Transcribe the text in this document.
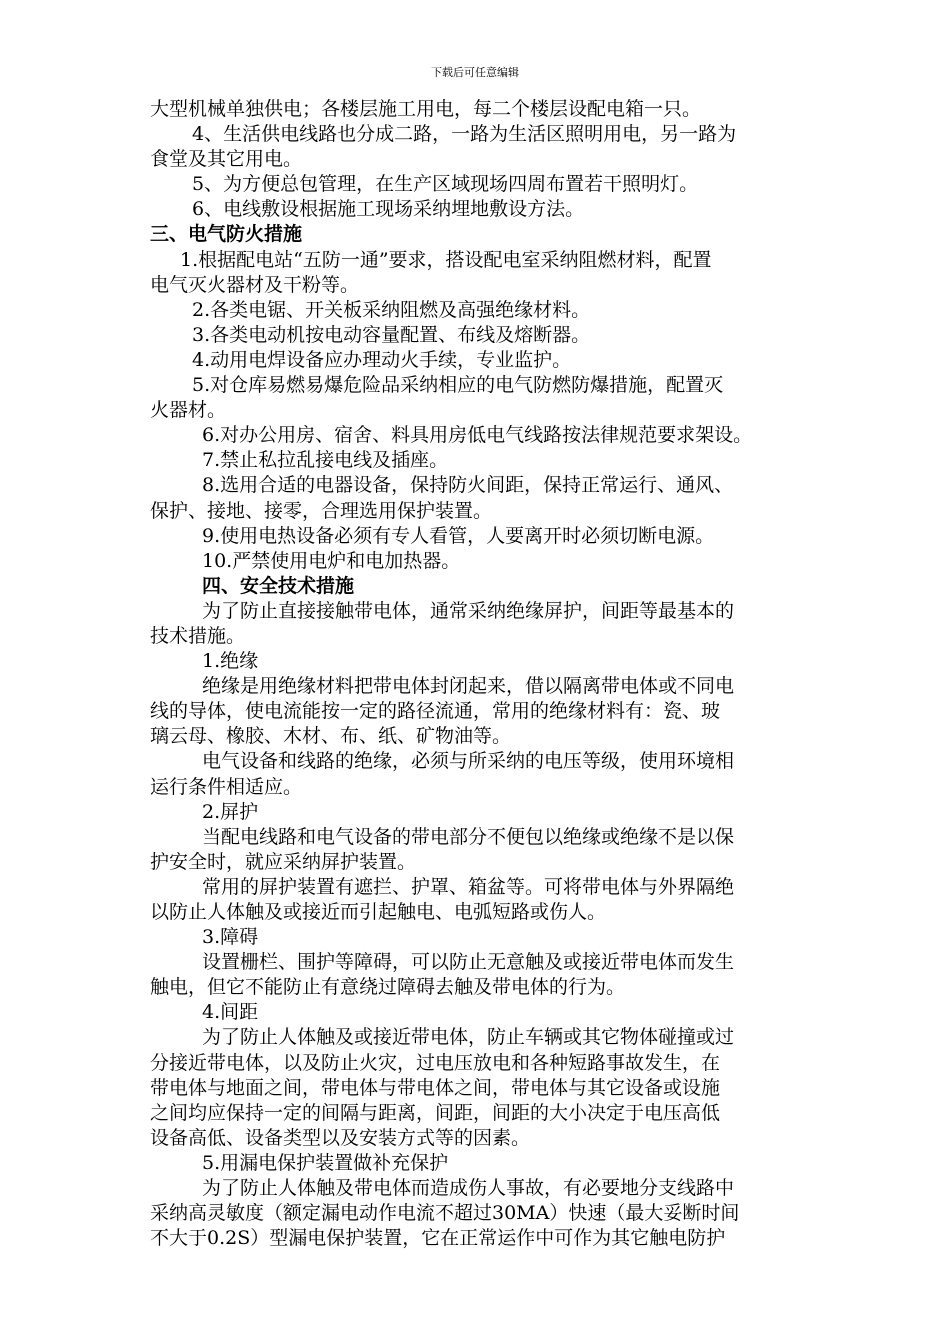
下载后可任意编辑
大型机械单独供电；各楼层施工用电，每二个楼层设配电箱一只。
4、生活供电线路也分成二路，一路为生活区照明用电，另一路为
食堂及其它用电。
5、为方便总包管理，在生产区域现场四周布置若干照明灯。
6、电线敷设根据施工现场采纳埋地敷设方法。
三、电气防火措施
1.根据配电站“五防一通”要求，搭设配电室采纳阻燃材料，配置
电气灭火器材及干粉等。
2.各类电锯、开关板采纳阻燃及高强绝缘材料。
3.各类电动机按电动容量配置、布线及熔断器。
4.动用电焊设备应办理动火手续，专业监护。
5.对仓库易燃易爆危险品采纳相应的电气防燃防爆措施，配置灭
火器材。
6.对办公用房、宿舍、料具用房低电气线路按法律规范要求架设。
7.禁止私拉乱接电线及插座。
8.选用合适的电器设备，保持防火间距，保持正常运行、通风、
保护、接地、接零，合理选用保护装置。
9.使用电热设备必须有专人看管，人要离开时必须切断电源。
10.严禁使用电炉和电加热器。
四、安全技术措施
为了防止直接接触带电体，通常采纳绝缘屏护，间距等最基本的
技术措施。
1.绝缘
绝缘是用绝缘材料把带电体封闭起来，借以隔离带电体或不同电
线的导体，使电流能按一定的路径流通，常用的绝缘材料有：瓷、玻
璃云母、橡胶、木材、布、纸、矿物油等。
电气设备和线路的绝缘，必须与所采纳的电压等级，使用环境相
运行条件相适应。
2.屏护
当配电线路和电气设备的带电部分不便包以绝缘或绝缘不是以保
护安全时，就应采纳屏护装置。
常用的屏护装置有遮拦、护罩、箱盆等。可将带电体与外界隔绝
以防止人体触及或接近而引起触电、电弧短路或伤人。
3.障碍
设置栅栏、围护等障碍，可以防止无意触及或接近带电体而发生
触电，但它不能防止有意绕过障碍去触及带电体的行为。
4.间距
为了防止人体触及或接近带电体，防止车辆或其它物体碰撞或过
分接近带电体，以及防止火灾，过电压放电和各种短路事故发生，在
带电体与地面之间，带电体与带电体之间，带电体与其它设备或设施
之间均应保持一定的间隔与距离，间距，间距的大小决定于电压高低
设备高低、设备类型以及安装方式等的因素。
5.用漏电保护装置做补充保护
为了防止人体触及带电体而造成伤人事故，有必要地分支线路中
采纳高灵敏度（额定漏电动作电流不超过30MA）快速（最大妥断时间
不大于0.2S）型漏电保护装置，它在正常运作中可作为其它触电防护
